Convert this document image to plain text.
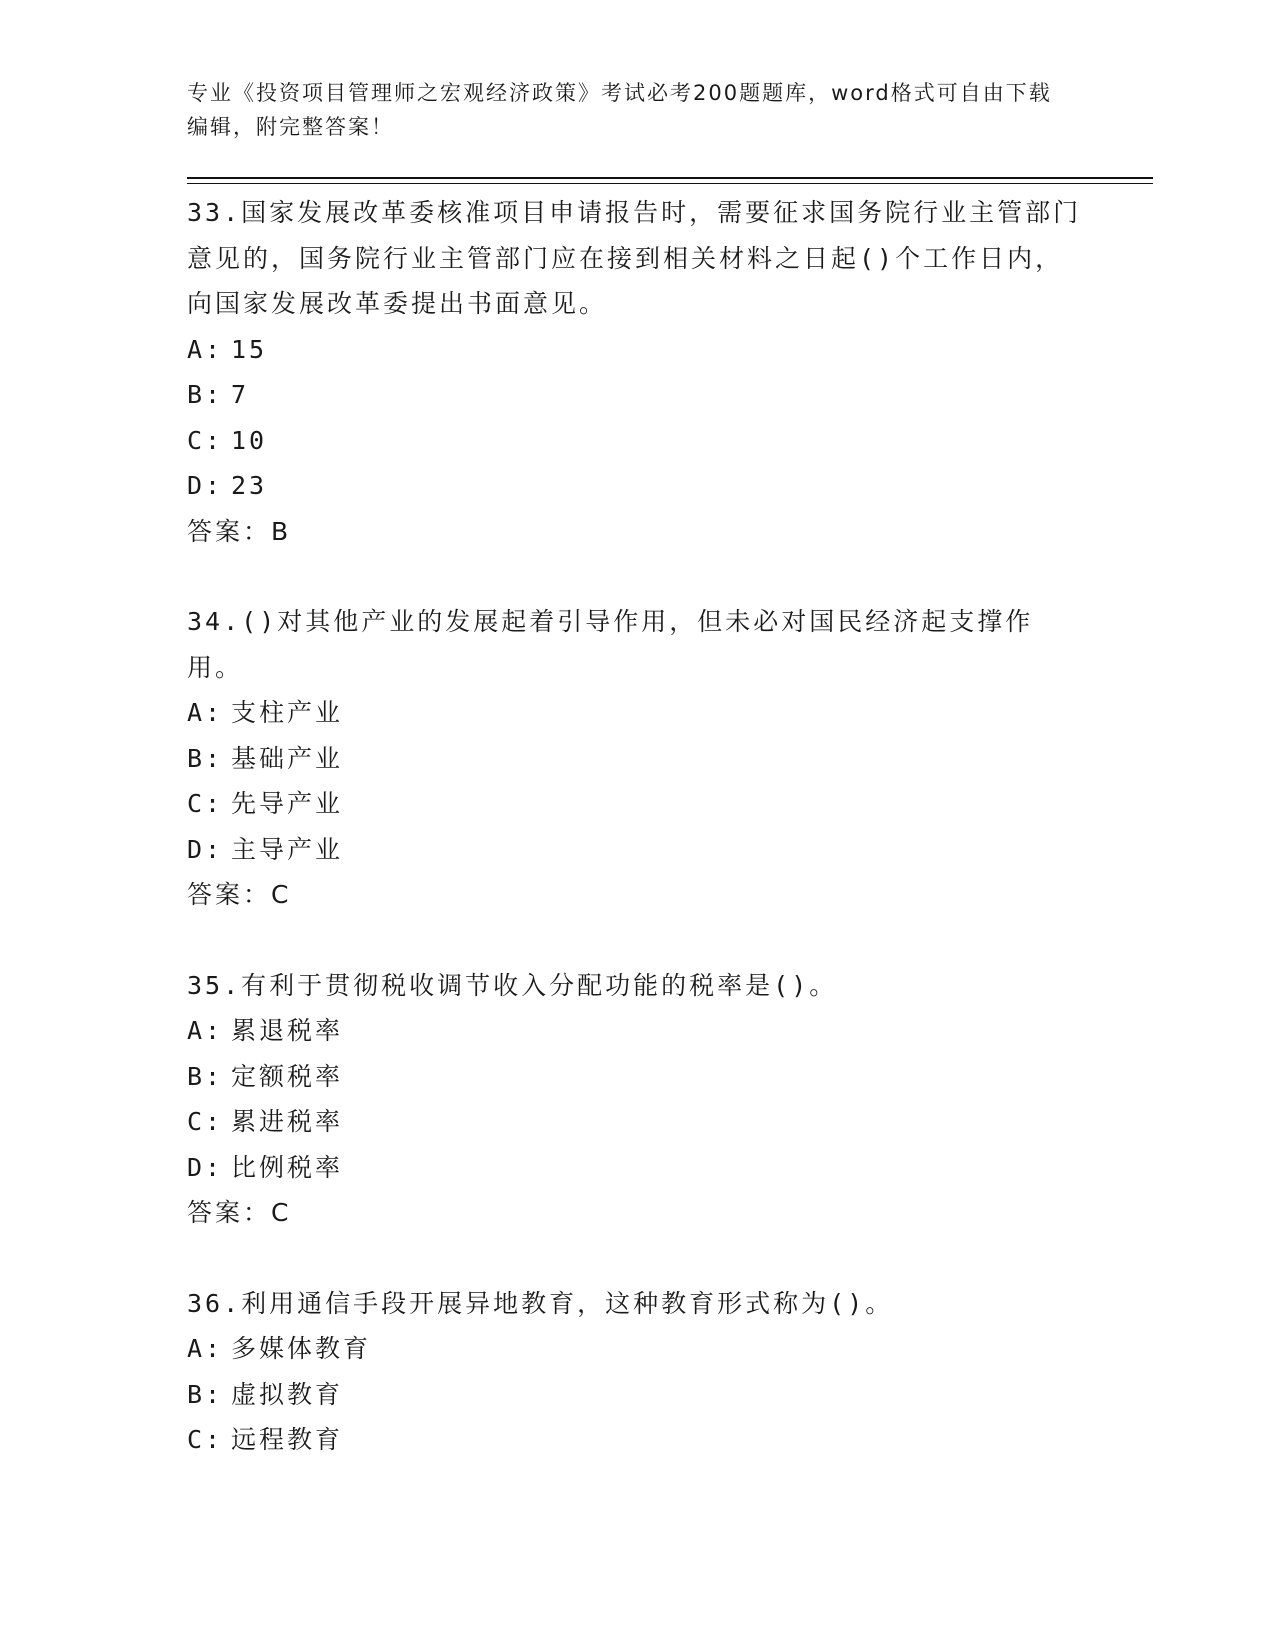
专业《投资项目管理师之宏观经济政策》考试必考200题题库，word格式可自由下载编辑，附完整答案！

33.国家发展改革委核准项目申请报告时，需要征求国务院行业主管部门意见的，国务院行业主管部门应在接到相关材料之日起()个工作日内，向国家发展改革委提出书面意见。

A: 15
B: 7
C: 10
D: 23
答案：B

34.()对其他产业的发展起着引导作用，但未必对国民经济起支撑作用。

A: 支柱产业
B: 基础产业
C: 先导产业
D: 主导产业
答案：C

35.有利于贯彻税收调节收入分配功能的税率是()。

A: 累退税率
B: 定额税率
C: 累进税率
D: 比例税率
答案：C

36.利用通信手段开展异地教育，这种教育形式称为()。

A: 多媒体教育
B: 虚拟教育
C: 远程教育
